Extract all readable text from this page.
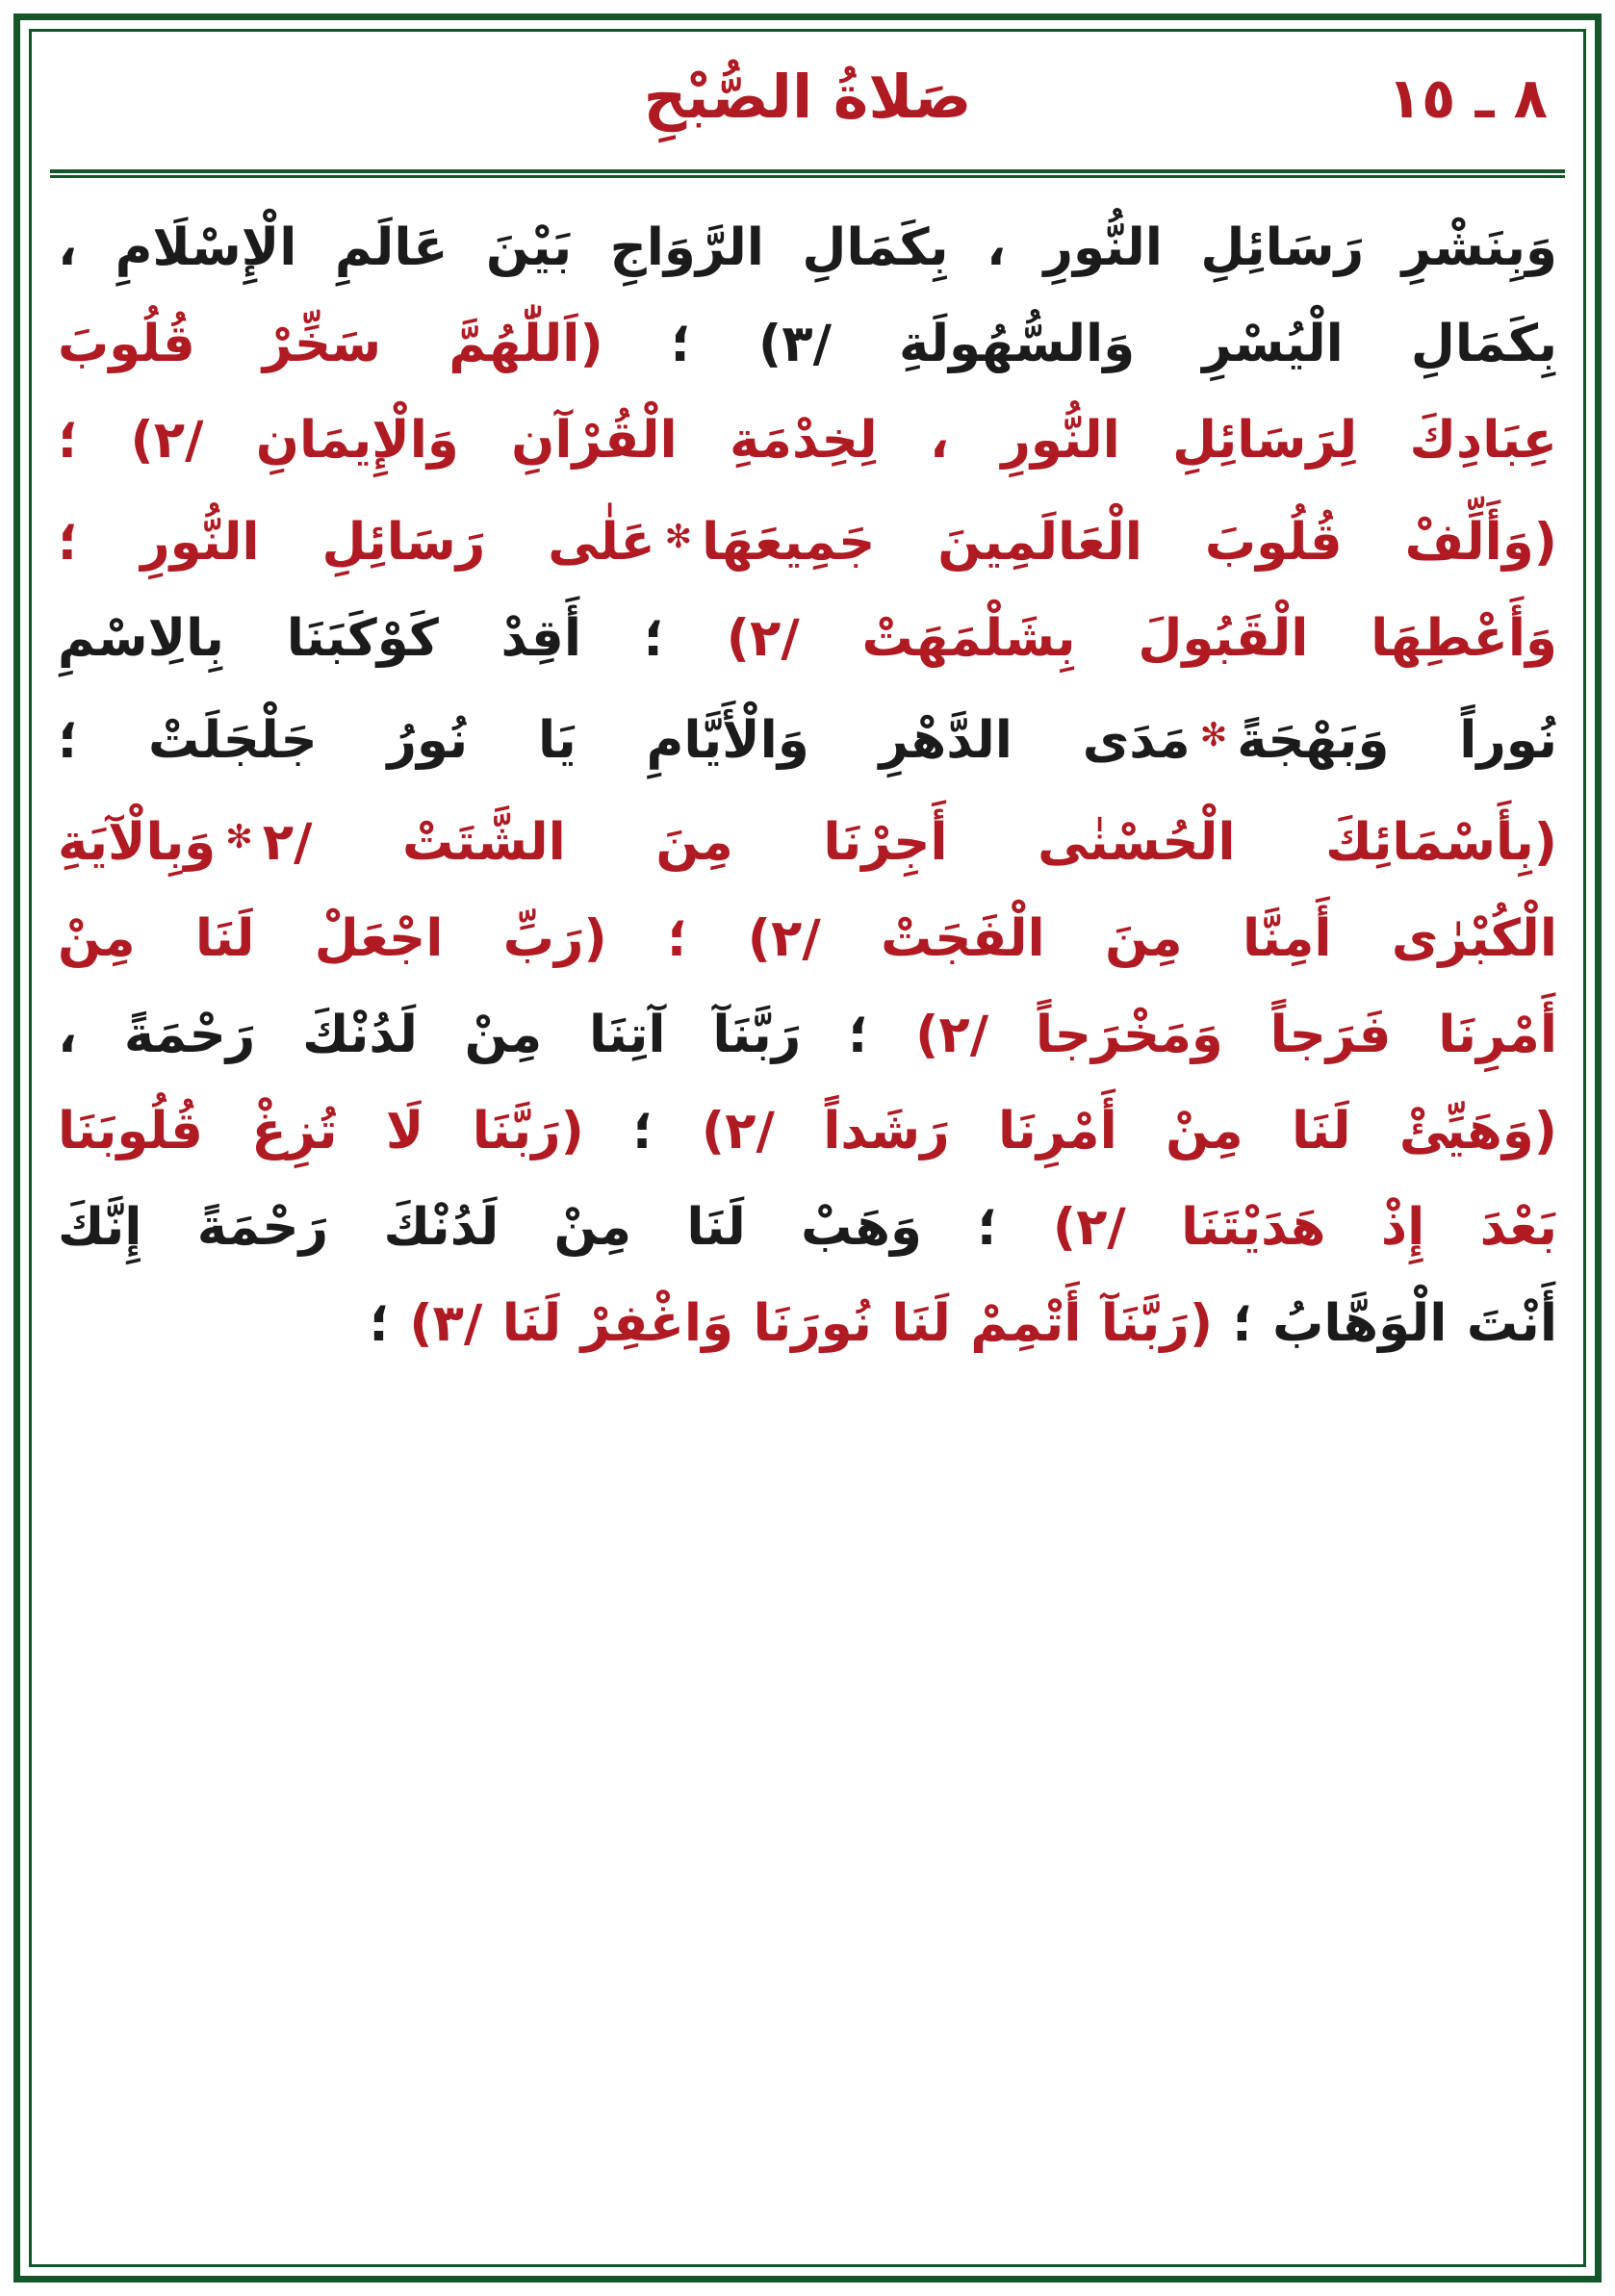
٨ ـ ١٥
صَلاةُ الصُّبْحِ
وَبِنَشْرِ رَسَائِلِ النُّورِ ، بِكَمَالِ الرَّوَاجِ بَيْنَ عَالَمِ الْإِسْلَامِ ،
بِكَمَالِ الْيُسْرِ وَالسُّهُولَةِ /٣) ؛ (اَللّٰهُمَّ سَخِّرْ قُلُوبَ
عِبَادِكَ لِرَسَائِلِ النُّورِ ، لِخِدْمَةِ الْقُرْآنِ وَالْإِيمَانِ /٢) ؛
(وَأَلِّفْ قُلُوبَ الْعَالَمِينَ جَمِيعَهَا✻عَلٰى رَسَائِلِ النُّورِ ؛
وَأَعْطِهَا الْقَبُولَ بِشَلْمَهَتْ /٢) ؛ أَقِدْ كَوْكَبَنَا بِالِاسْمِ
نُوراً وَبَهْجَةً✻مَدَى الدَّهْرِ وَالْأَيَّامِ يَا نُورُ جَلْجَلَتْ ؛
(بِأَسْمَائِكَ الْحُسْنٰى أَجِرْنَا مِنَ الشَّتَتْ /٢✻وَبِالْآيَةِ
الْكُبْرٰى أَمِنَّا مِنَ الْفَجَتْ /٢) ؛ (رَبِّ اجْعَلْ لَنَا مِنْ
أَمْرِنَا فَرَجاً وَمَخْرَجاً /٢) ؛ رَبَّنَآ آتِنَا مِنْ لَدُنْكَ رَحْمَةً ،
(وَهَيِّئْ لَنَا مِنْ أَمْرِنَا رَشَداً /٢) ؛ (رَبَّنَا لَا تُزِغْ قُلُوبَنَا
بَعْدَ إِذْ هَدَيْتَنَا /٢) ؛ وَهَبْ لَنَا مِنْ لَدُنْكَ رَحْمَةً إِنَّكَ
أَنْتَ الْوَهَّابُ ؛ (رَبَّنَآ أَتْمِمْ لَنَا نُورَنَا وَاغْفِرْ لَنَا /٣) ؛
